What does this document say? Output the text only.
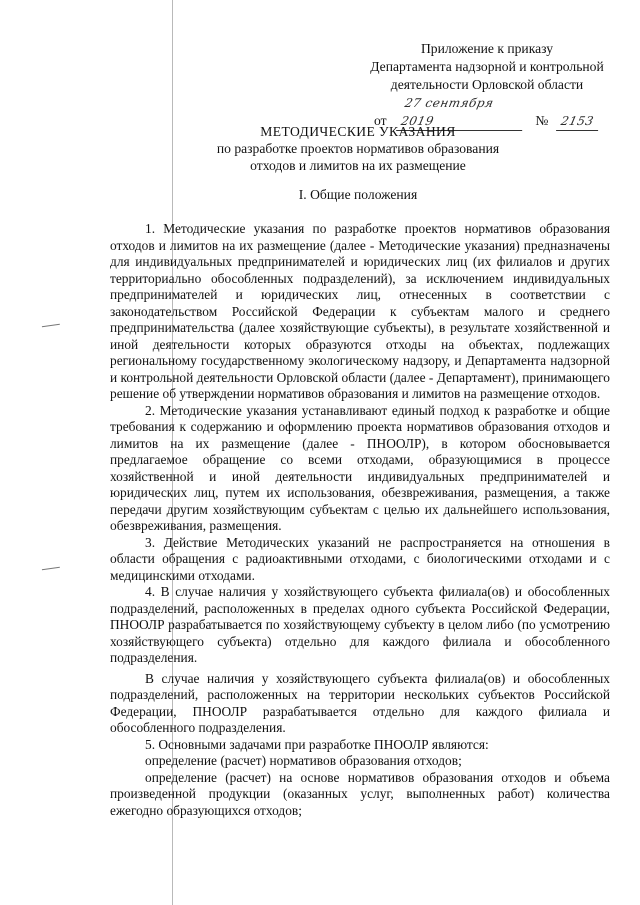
Приложение к приказу
Департамента надзорной и контрольной
деятельности Орловской области
от 27 сентября 2019	№ 2153
МЕТОДИЧЕСКИЕ УКАЗАНИЯ
по разработке проектов нормативов образования
отходов и лимитов на их размещение
I. Общие положения

1. Методические указания по разработке проектов нормативов образования отходов и лимитов на их размещение (далее - Методические указания) предназначены для индивидуальных предпринимателей и юридических лиц (их филиалов и других территориально обособленных подразделений), за исключением индивидуальных предпринимателей и юридических лиц, отнесенных в соответствии с законодательством Российской Федерации к субъектам малого и среднего предпринимательства (далее хозяйствующие субъекты), в результате хозяйственной и иной деятельности которых образуются отходы на объектах, подлежащих региональному государственному экологическому надзору, и Департамента надзорной и контрольной деятельности Орловской области (далее - Департамент), принимающего решение об утверждении нормативов образования и лимитов на размещение отходов.

2. Методические указания устанавливают единый подход к разработке и общие требования к содержанию и оформлению проекта нормативов образования отходов и лимитов на их размещение (далее - ПНООЛР), в котором обосновывается предлагаемое обращение со всеми отходами, образующимися в процессе хозяйственной и иной деятельности индивидуальных предпринимателей и юридических лиц, путем их использования, обезвреживания, размещения, а также передачи другим хозяйствующим субъектам с целью их дальнейшего использования, обезвреживания, размещения.

3. Действие Методических указаний не распространяется на отношения в области обращения с радиоактивными отходами, с биологическими отходами и с медицинскими отходами.

4. В случае наличия у хозяйствующего субъекта филиала(ов) и обособленных подразделений, расположенных в пределах одного субъекта Российской Федерации, ПНООЛР разрабатывается по хозяйствующему субъекту в целом либо (по усмотрению хозяйствующего субъекта) отдельно для каждого филиала и обособленного подразделения.

В случае наличия у хозяйствующего субъекта филиала(ов) и обособленных подразделений, расположенных на территории нескольких субъектов Российской Федерации, ПНООЛР разрабатывается отдельно для каждого филиала и обособленного подразделения.

5. Основными задачами при разработке ПНООЛР являются:

определение (расчет) нормативов образования отходов;

определение (расчет) на основе нормативов образования отходов и объема произведенной продукции (оказанных услуг, выполненных работ) количества ежегодно образующихся отходов;
